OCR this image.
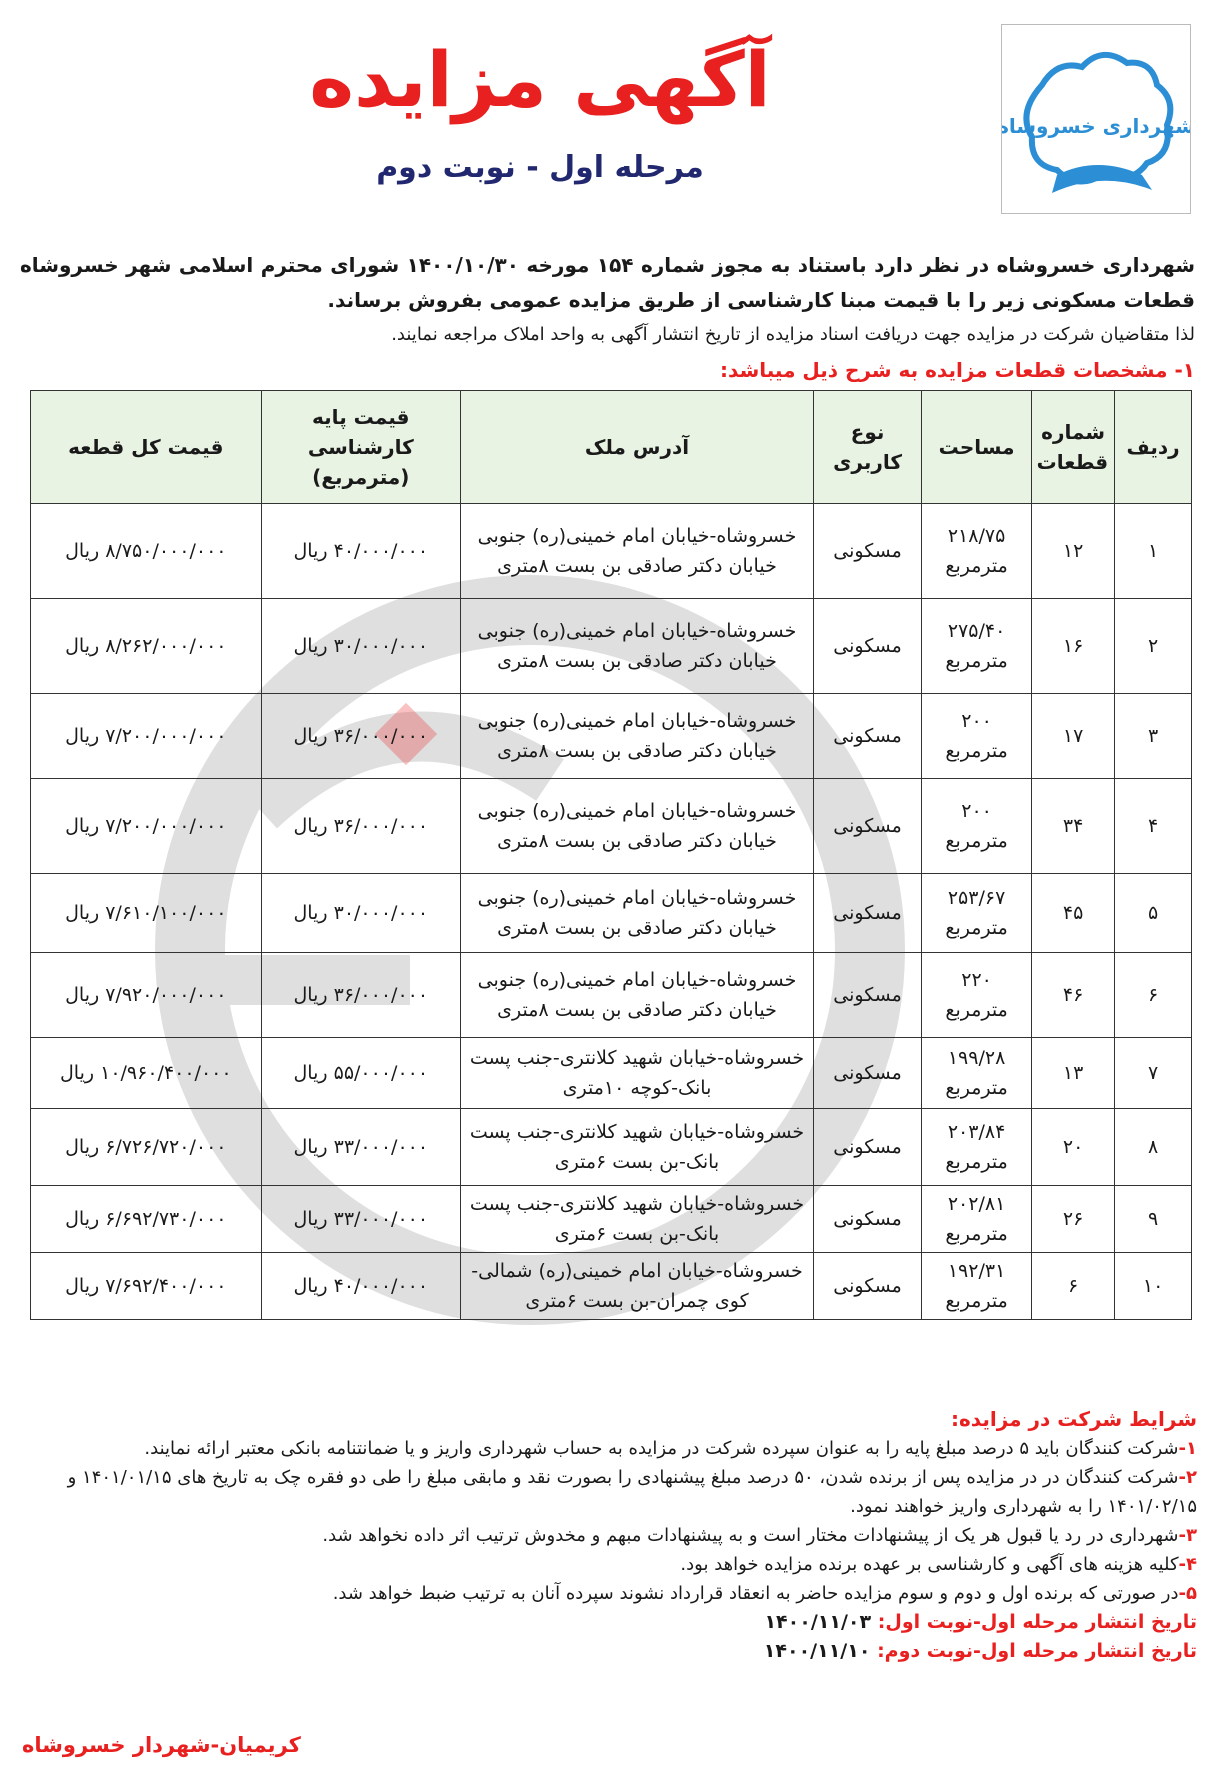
شهرداری خسروشاه
آگهی مزایده
مرحله اول - نوبت دوم
شهرداری خسروشاه در نظر دارد باستناد به مجوز شماره ۱۵۴ مورخه ۱۴۰۰/۱۰/۳۰ شورای محترم اسلامی شهر خسروشاه قطعات مسکونی زیر را با قیمت مبنا کارشناسی از طریق مزایده عمومی بفروش برساند.
لذا متقاضیان شرکت در مزایده جهت دریافت اسناد مزایده از تاریخ انتشار آگهی به واحد املاک مراجعه نمایند.
۱- مشخصات قطعات مزایده به شرح ذیل میباشد:
ردیف	شماره قطعات	مساحت	نوع کاربری	آدرس ملک	قیمت پایه کارشناسی (مترمربع)	قیمت کل قطعه
۱	۱۲	۲۱۸/۷۵ مترمربع	مسکونی	خسروشاه-خیابان امام خمینی(ره) جنوبی خیابان دکتر صادقی بن بست ۸متری	۴۰/۰۰۰/۰۰۰ ریال	۸/۷۵۰/۰۰۰/۰۰۰ ریال
۲	۱۶	۲۷۵/۴۰ مترمربع	مسکونی	خسروشاه-خیابان امام خمینی(ره) جنوبی خیابان دکتر صادقی بن بست ۸متری	۳۰/۰۰۰/۰۰۰ ریال	۸/۲۶۲/۰۰۰/۰۰۰ ریال
۳	۱۷	۲۰۰ مترمربع	مسکونی	خسروشاه-خیابان امام خمینی(ره) جنوبی خیابان دکتر صادقی بن بست ۸متری	۳۶/۰۰۰/۰۰۰ ریال	۷/۲۰۰/۰۰۰/۰۰۰ ریال
۴	۳۴	۲۰۰ مترمربع	مسکونی	خسروشاه-خیابان امام خمینی(ره) جنوبی خیابان دکتر صادقی بن بست ۸متری	۳۶/۰۰۰/۰۰۰ ریال	۷/۲۰۰/۰۰۰/۰۰۰ ریال
۵	۴۵	۲۵۳/۶۷ مترمربع	مسکونی	خسروشاه-خیابان امام خمینی(ره) جنوبی خیابان دکتر صادقی بن بست ۸متری	۳۰/۰۰۰/۰۰۰ ریال	۷/۶۱۰/۱۰۰/۰۰۰ ریال
۶	۴۶	۲۲۰ مترمربع	مسکونی	خسروشاه-خیابان امام خمینی(ره) جنوبی خیابان دکتر صادقی بن بست ۸متری	۳۶/۰۰۰/۰۰۰ ریال	۷/۹۲۰/۰۰۰/۰۰۰ ریال
۷	۱۳	۱۹۹/۲۸ مترمربع	مسکونی	خسروشاه-خیابان شهید کلانتری-جنب پست بانک-کوچه ۱۰متری	۵۵/۰۰۰/۰۰۰ ریال	۱۰/۹۶۰/۴۰۰/۰۰۰ ریال
۸	۲۰	۲۰۳/۸۴ مترمربع	مسکونی	خسروشاه-خیابان شهید کلانتری-جنب پست بانک-بن بست ۶متری	۳۳/۰۰۰/۰۰۰ ریال	۶/۷۲۶/۷۲۰/۰۰۰ ریال
۹	۲۶	۲۰۲/۸۱ مترمربع	مسکونی	خسروشاه-خیابان شهید کلانتری-جنب پست بانک-بن بست ۶متری	۳۳/۰۰۰/۰۰۰ ریال	۶/۶۹۲/۷۳۰/۰۰۰ ریال
۱۰	۶	۱۹۲/۳۱ مترمربع	مسکونی	خسروشاه-خیابان امام خمینی(ره) شمالی-کوی چمران-بن بست ۶متری	۴۰/۰۰۰/۰۰۰ ریال	۷/۶۹۲/۴۰۰/۰۰۰ ریال
شرایط شرکت در مزایده:
۱-شرکت کنندگان باید ۵ درصد مبلغ پایه را به عنوان سپرده شرکت در مزایده به حساب شهرداری واریز و یا ضمانتنامه بانکی معتبر ارائه نمایند.
۲-شرکت کنندگان در در مزایده پس از برنده شدن، ۵۰ درصد مبلغ پیشنهادی را بصورت نقد و مابقی مبلغ را طی دو فقره چک به تاریخ های ۱۴۰۱/۰۱/۱۵ و ۱۴۰۱/۰۲/۱۵ را به شهرداری واریز خواهند نمود.
۳-شهرداری در رد یا قبول هر یک از پیشنهادات مختار است و به پیشنهادات مبهم و مخدوش ترتیب اثر داده نخواهد شد.
۴-کلیه هزینه های آگهی و کارشناسی بر عهده برنده مزایده خواهد بود.
۵-در صورتی که برنده اول و دوم و سوم مزایده حاضر به انعقاد قرارداد نشوند سپرده آنان به ترتیب ضبط خواهد شد.
تاریخ انتشار مرحله اول-نوبت اول: ۱۴۰۰/۱۱/۰۳
تاریخ انتشار مرحله اول-نوبت دوم: ۱۴۰۰/۱۱/۱۰
کریمیان-شهردار خسروشاه
